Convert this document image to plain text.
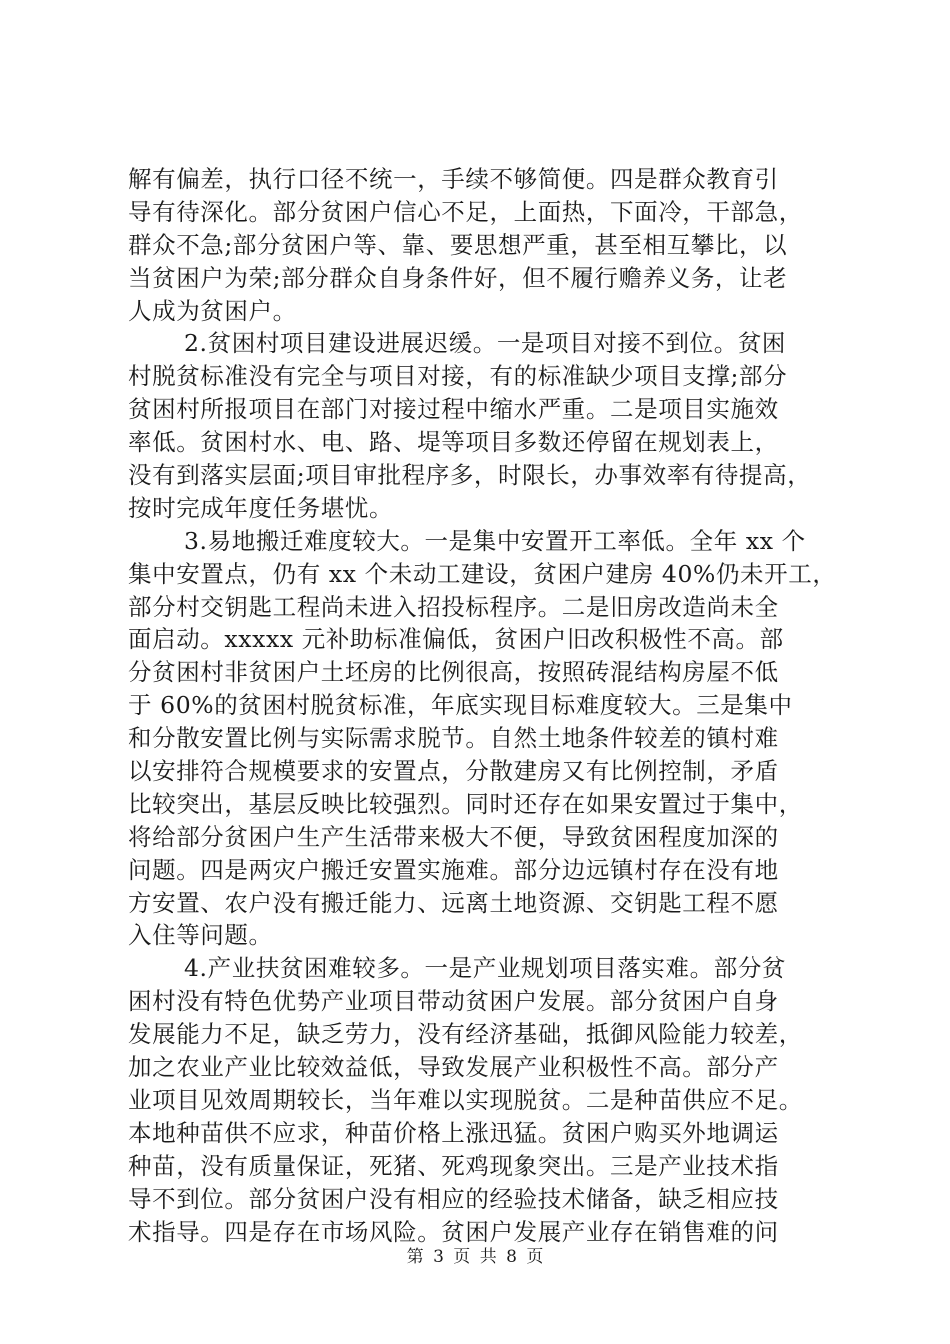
解有偏差，执行口径不统一，手续不够简便。四是群众教育引
导有待深化。部分贫困户信心不足，上面热，下面冷，干部急，
群众不急;部分贫困户等、靠、要思想严重，甚至相互攀比，以
当贫困户为荣;部分群众自身条件好，但不履行赡养义务，让老
人成为贫困户。
2.贫困村项目建设进展迟缓。一是项目对接不到位。贫困
村脱贫标准没有完全与项目对接，有的标准缺少项目支撑;部分
贫困村所报项目在部门对接过程中缩水严重。二是项目实施效
率低。贫困村水、电、路、堤等项目多数还停留在规划表上，
没有到落实层面;项目审批程序多，时限长，办事效率有待提高，
按时完成年度任务堪忧。
3.易地搬迁难度较大。一是集中安置开工率低。全年 xx 个
集中安置点，仍有 xx 个未动工建设，贫困户建房 40%仍未开工，
部分村交钥匙工程尚未进入招投标程序。二是旧房改造尚未全
面启动。xxxxx 元补助标准偏低，贫困户旧改积极性不高。部
分贫困村非贫困户土坯房的比例很高，按照砖混结构房屋不低
于 60%的贫困村脱贫标准，年底实现目标难度较大。三是集中
和分散安置比例与实际需求脱节。自然土地条件较差的镇村难
以安排符合规模要求的安置点，分散建房又有比例控制，矛盾
比较突出，基层反映比较强烈。同时还存在如果安置过于集中，
将给部分贫困户生产生活带来极大不便，导致贫困程度加深的
问题。四是两灾户搬迁安置实施难。部分边远镇村存在没有地
方安置、农户没有搬迁能力、远离土地资源、交钥匙工程不愿
入住等问题。
4.产业扶贫困难较多。一是产业规划项目落实难。部分贫
困村没有特色优势产业项目带动贫困户发展。部分贫困户自身
发展能力不足，缺乏劳力，没有经济基础，抵御风险能力较差，
加之农业产业比较效益低，导致发展产业积极性不高。部分产
业项目见效周期较长，当年难以实现脱贫。二是种苗供应不足。
本地种苗供不应求，种苗价格上涨迅猛。贫困户购买外地调运
种苗，没有质量保证，死猪、死鸡现象突出。三是产业技术指
导不到位。部分贫困户没有相应的经验技术储备，缺乏相应技
术指导。四是存在市场风险。贫困户发展产业存在销售难的问
第 3 页 共 8 页
